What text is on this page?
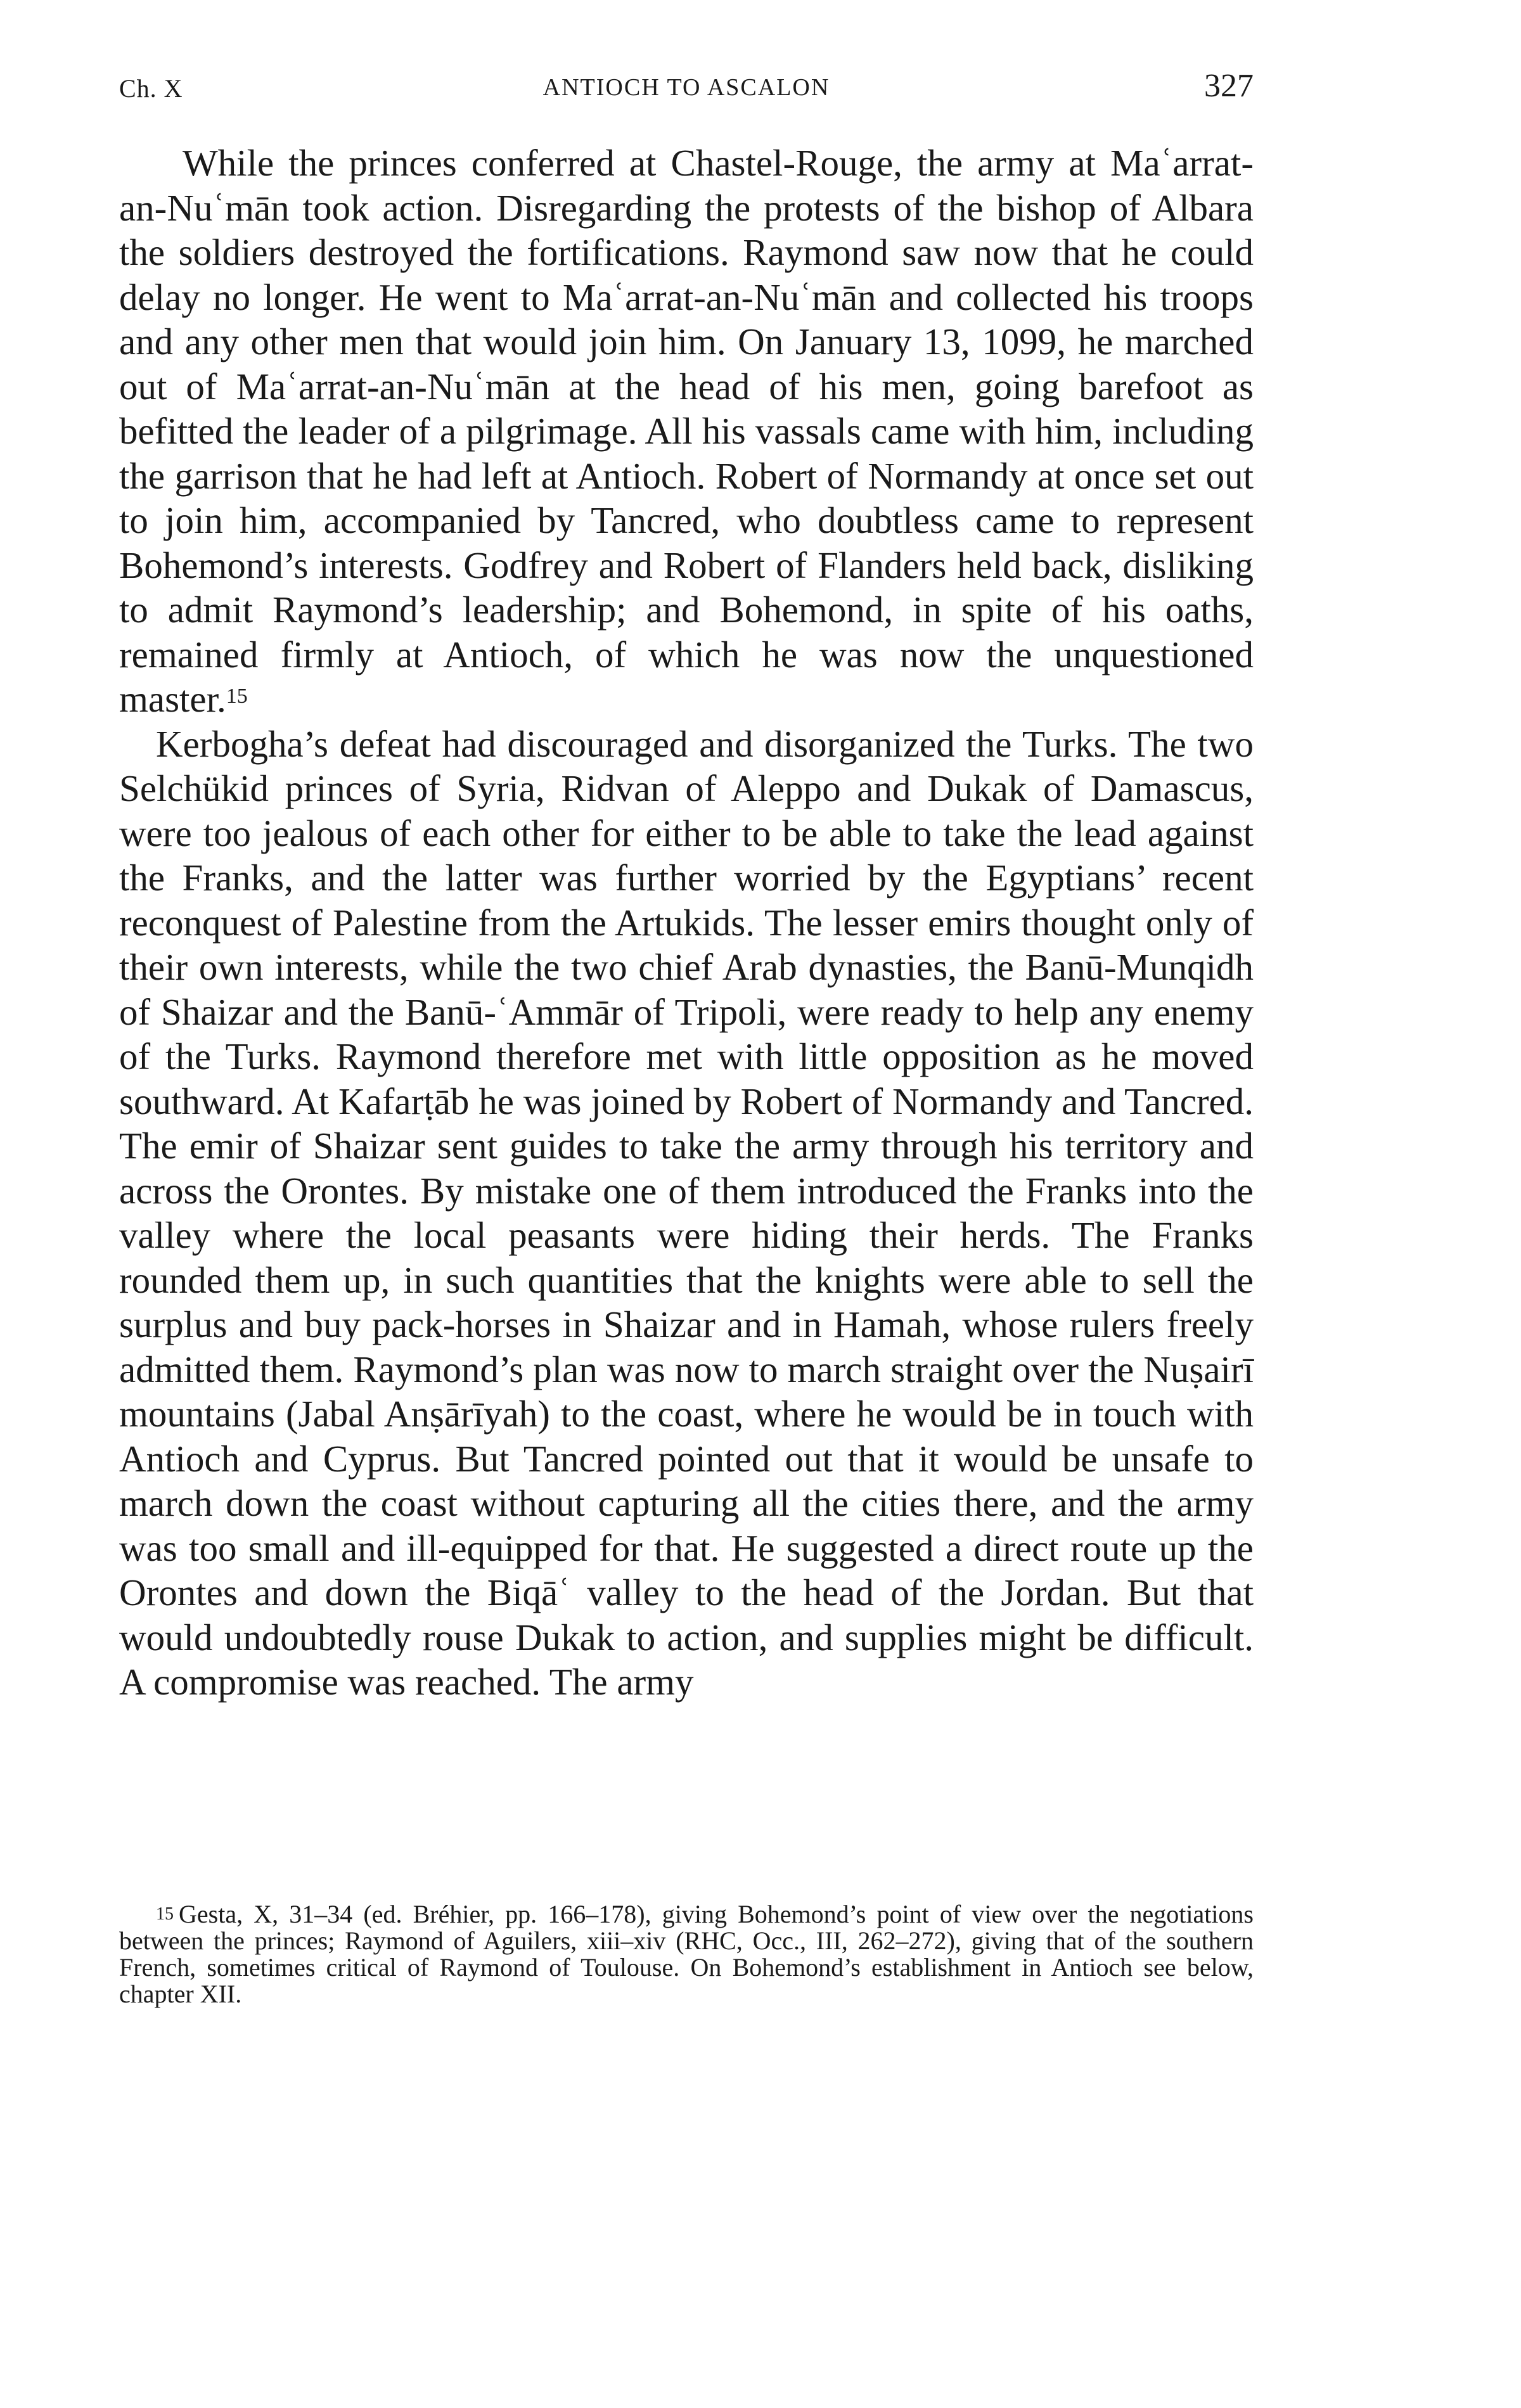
Ch. X	ANTIOCH TO ASCALON	327

While the princes conferred at Chastel-Rouge, the army at Maʿarrat-an-Nuʿmān took action. Disregarding the protests of the bishop of Albara the soldiers destroyed the fortifications. Raymond saw now that he could delay no longer. He went to Maʿarrat-an-Nuʿmān and collected his troops and any other men that would join him. On January 13, 1099, he marched out of Maʿarrat-an-Nuʿmān at the head of his men, going barefoot as befitted the leader of a pilgrimage. All his vassals came with him, including the garrison that he had left at Antioch. Robert of Normandy at once set out to join him, accompanied by Tancred, who doubtless came to represent Bohemond’s interests. Godfrey and Robert of Flanders held back, disliking to admit Raymond’s leadership; and Bohemond, in spite of his oaths, remained firmly at Antioch, of which he was now the unquestioned master.$^{15}$

Kerbogha’s defeat had discouraged and disorganized the Turks. The two Selchükid princes of Syria, Ridvan of Aleppo and Dukak of Damascus, were too jealous of each other for either to be able to take the lead against the Franks, and the latter was further worried by the Egyptians’ recent reconquest of Palestine from the Artukids. The lesser emirs thought only of their own interests, while the two chief Arab dynasties, the Banū-Munqidh of Shaizar and the Banū-ʿAmmār of Tripoli, were ready to help any enemy of the Turks. Raymond therefore met with little opposition as he moved southward. At Kafarṭāb he was joined by Robert of Normandy and Tancred. The emir of Shaizar sent guides to take the army through his territory and across the Orontes. By mistake one of them introduced the Franks into the valley where the local peasants were hiding their herds. The Franks rounded them up, in such quantities that the knights were able to sell the surplus and buy pack-horses in Shaizar and in Hamah, whose rulers freely admitted them. Raymond’s plan was now to march straight over the Nuṣairī mountains (Jabal Anṣārīyah) to the coast, where he would be in touch with Antioch and Cyprus. But Tancred pointed out that it would be unsafe to march down the coast without capturing all the cities there, and the army was too small and ill-equipped for that. He suggested a direct route up the Orontes and down the Biqāʿ valley to the head of the Jordan. But that would undoubtedly rouse Dukak to action, and supplies might be difficult. A compromise was reached. The army

$^{15}$ Gesta, X, 31–34 (ed. Bréhier, pp. 166–178), giving Bohemond’s point of view over the negotiations between the princes; Raymond of Aguilers, xiii–xiv (RHC, Occ., III, 262–272), giving that of the southern French, sometimes critical of Raymond of Toulouse. On Bohemond’s establishment in Antioch see below, chapter XII.
